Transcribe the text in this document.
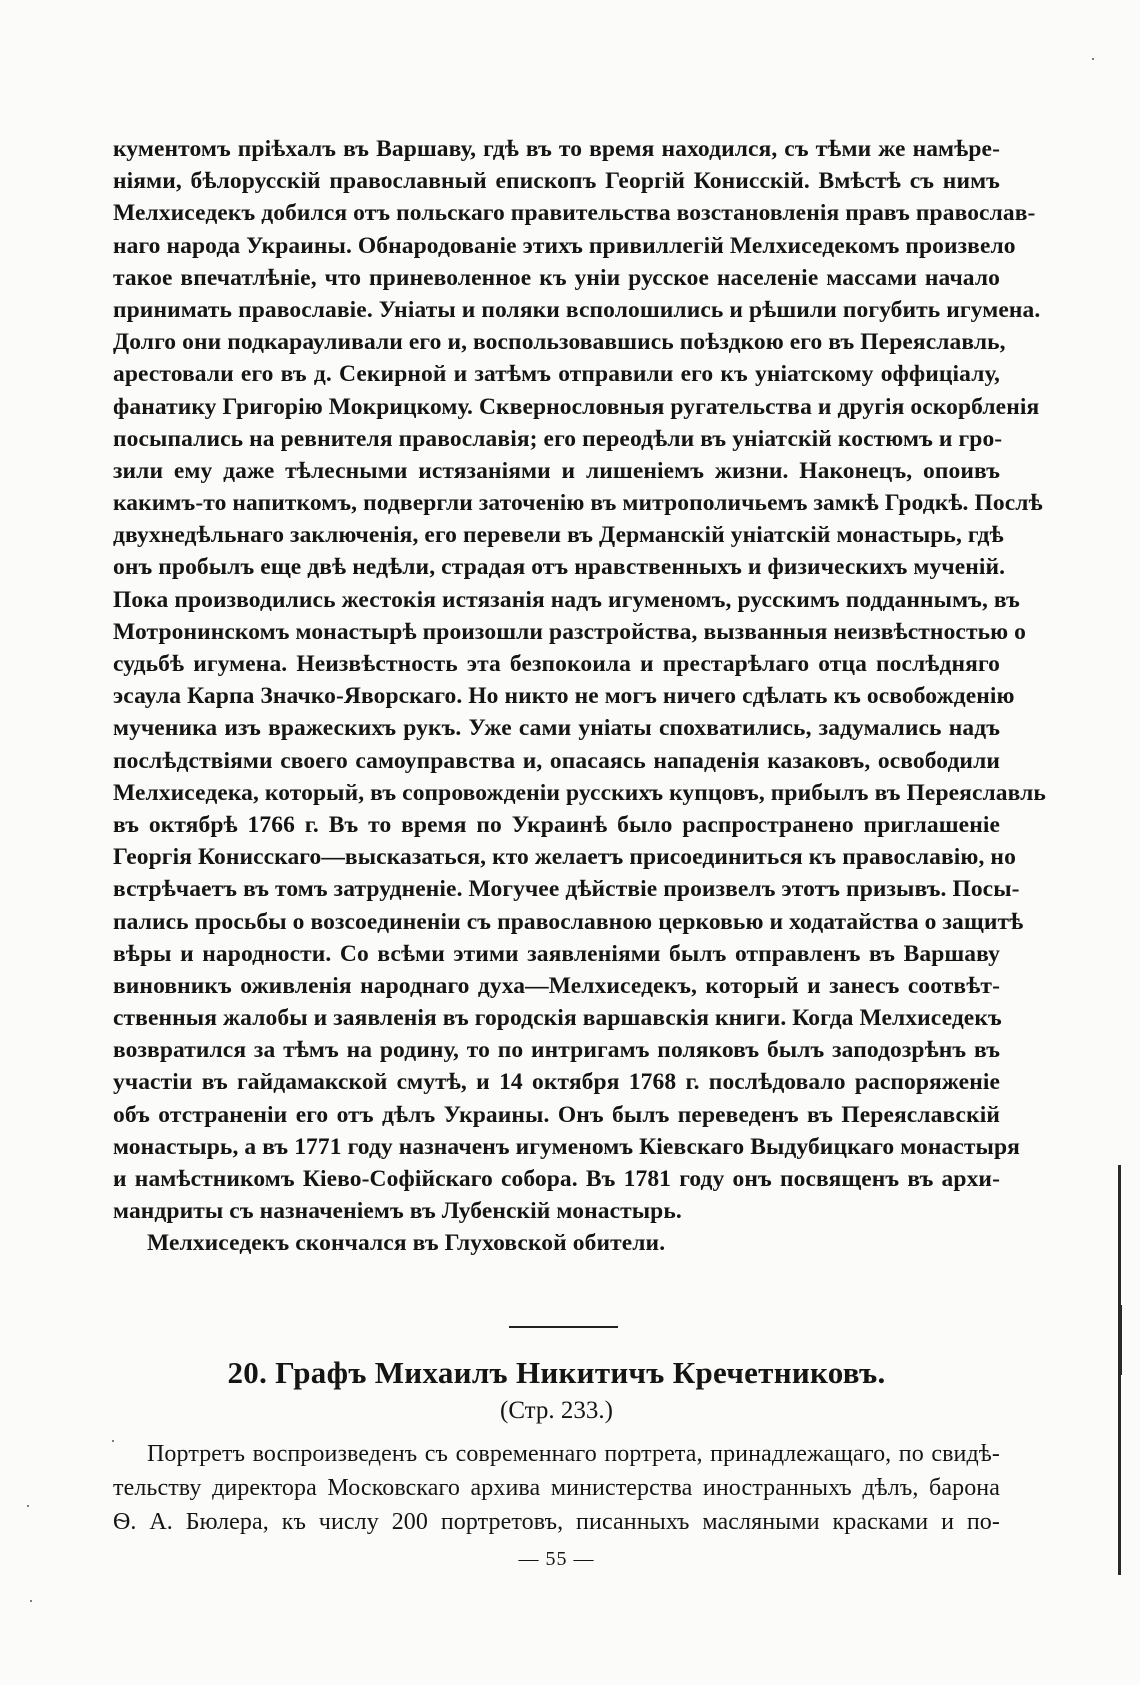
кументомъ пріѣхалъ въ Варшаву, гдѣ въ то время находился, съ тѣми же намѣре-
ніями, бѣлорусскій православный епископъ Георгій Конисскій. Вмѣстѣ съ нимъ
Мелхиседекъ добился отъ польскаго правительства возстановленія правъ православ-
наго народа Украины. Обнародованіе этихъ привиллегій Мелхиседекомъ произвело
такое впечатлѣніе, что приневоленное къ уніи русское населеніе массами начало
принимать православіе. Уніаты и поляки всполошились и рѣшили погубить игумена.
Долго они подкарауливали его и, воспользовавшись поѣздкою его въ Переяславль,
арестовали его въ д. Секирной и затѣмъ отправили его къ уніатскому оффиціалу,
фанатику Григорію Мокрицкому. Сквернословныя ругательства и другія оскорбленія
посыпались на ревнителя православія; его переодѣли въ уніатскій костюмъ и гро-
зили ему даже тѣлесными истязаніями и лишеніемъ жизни. Наконецъ, опоивъ
какимъ-то напиткомъ, подвергли заточенію въ митрополичьемъ замкѣ Гродкѣ. Послѣ
двухнедѣльнаго заключенія, его перевели въ Дерманскій уніатскій монастырь, гдѣ
онъ пробылъ еще двѣ недѣли, страдая отъ нравственныхъ и физическихъ мученій.
Пока производились жестокія истязанія надъ игуменомъ, русскимъ подданнымъ, въ
Мотронинскомъ монастырѣ произошли разстройства, вызванныя неизвѣстностью о
судьбѣ игумена. Неизвѣстность эта безпокоила и престарѣлаго отца послѣдняго
эсаула Карпа Значко-Яворскаго. Но никто не могъ ничего сдѣлать къ освобожденію
мученика изъ вражескихъ рукъ. Уже сами уніаты спохватились, задумались надъ
послѣдствіями своего самоуправства и, опасаясь нападенія казаковъ, освободили
Мелхиседека, который, въ сопровожденіи русскихъ купцовъ, прибылъ въ Переяславль
въ октябрѣ 1766 г. Въ то время по Украинѣ было распространено приглашеніе
Георгія Конисскаго—высказаться, кто желаетъ присоединиться къ православію, но
встрѣчаетъ въ томъ затрудненіе. Могучее дѣйствіе произвелъ этотъ призывъ. Посы-
пались просьбы о возсоединеніи съ православною церковью и ходатайства о защитѣ
вѣры и народности. Со всѣми этими заявленіями былъ отправленъ въ Варшаву
виновникъ оживленія народнаго духа—Мелхиседекъ, который и занесъ соотвѣт-
ственныя жалобы и заявленія въ городскія варшавскія книги. Когда Мелхиседекъ
возвратился за тѣмъ на родину, то по интригамъ поляковъ былъ заподозрѣнъ въ
участіи въ гайдамакской смутѣ, и 14 октября 1768 г. послѣдовало распоряженіе
объ отстраненіи его отъ дѣлъ Украины. Онъ былъ переведенъ въ Переяславскій
монастырь, а въ 1771 году назначенъ игуменомъ Кіевскаго Выдубицкаго монастыря
и намѣстникомъ Кіево-Софійскаго собора. Въ 1781 году онъ посвященъ въ архи-
мандриты съ назначеніемъ въ Лубенскій монастырь.
Мелхиседекъ скончался въ Глуховской обители.
20. Графъ Михаилъ Никитичъ Кречетниковъ.
(Стр. 233.)
Портретъ воспроизведенъ съ современнаго портрета, принадлежащаго, по свидѣ-
тельству директора Московскаго архива министерства иностранныхъ дѣлъ, барона
Ѳ. А. Бюлера, къ числу 200 портретовъ, писанныхъ масляными красками и по-
— 55 —
